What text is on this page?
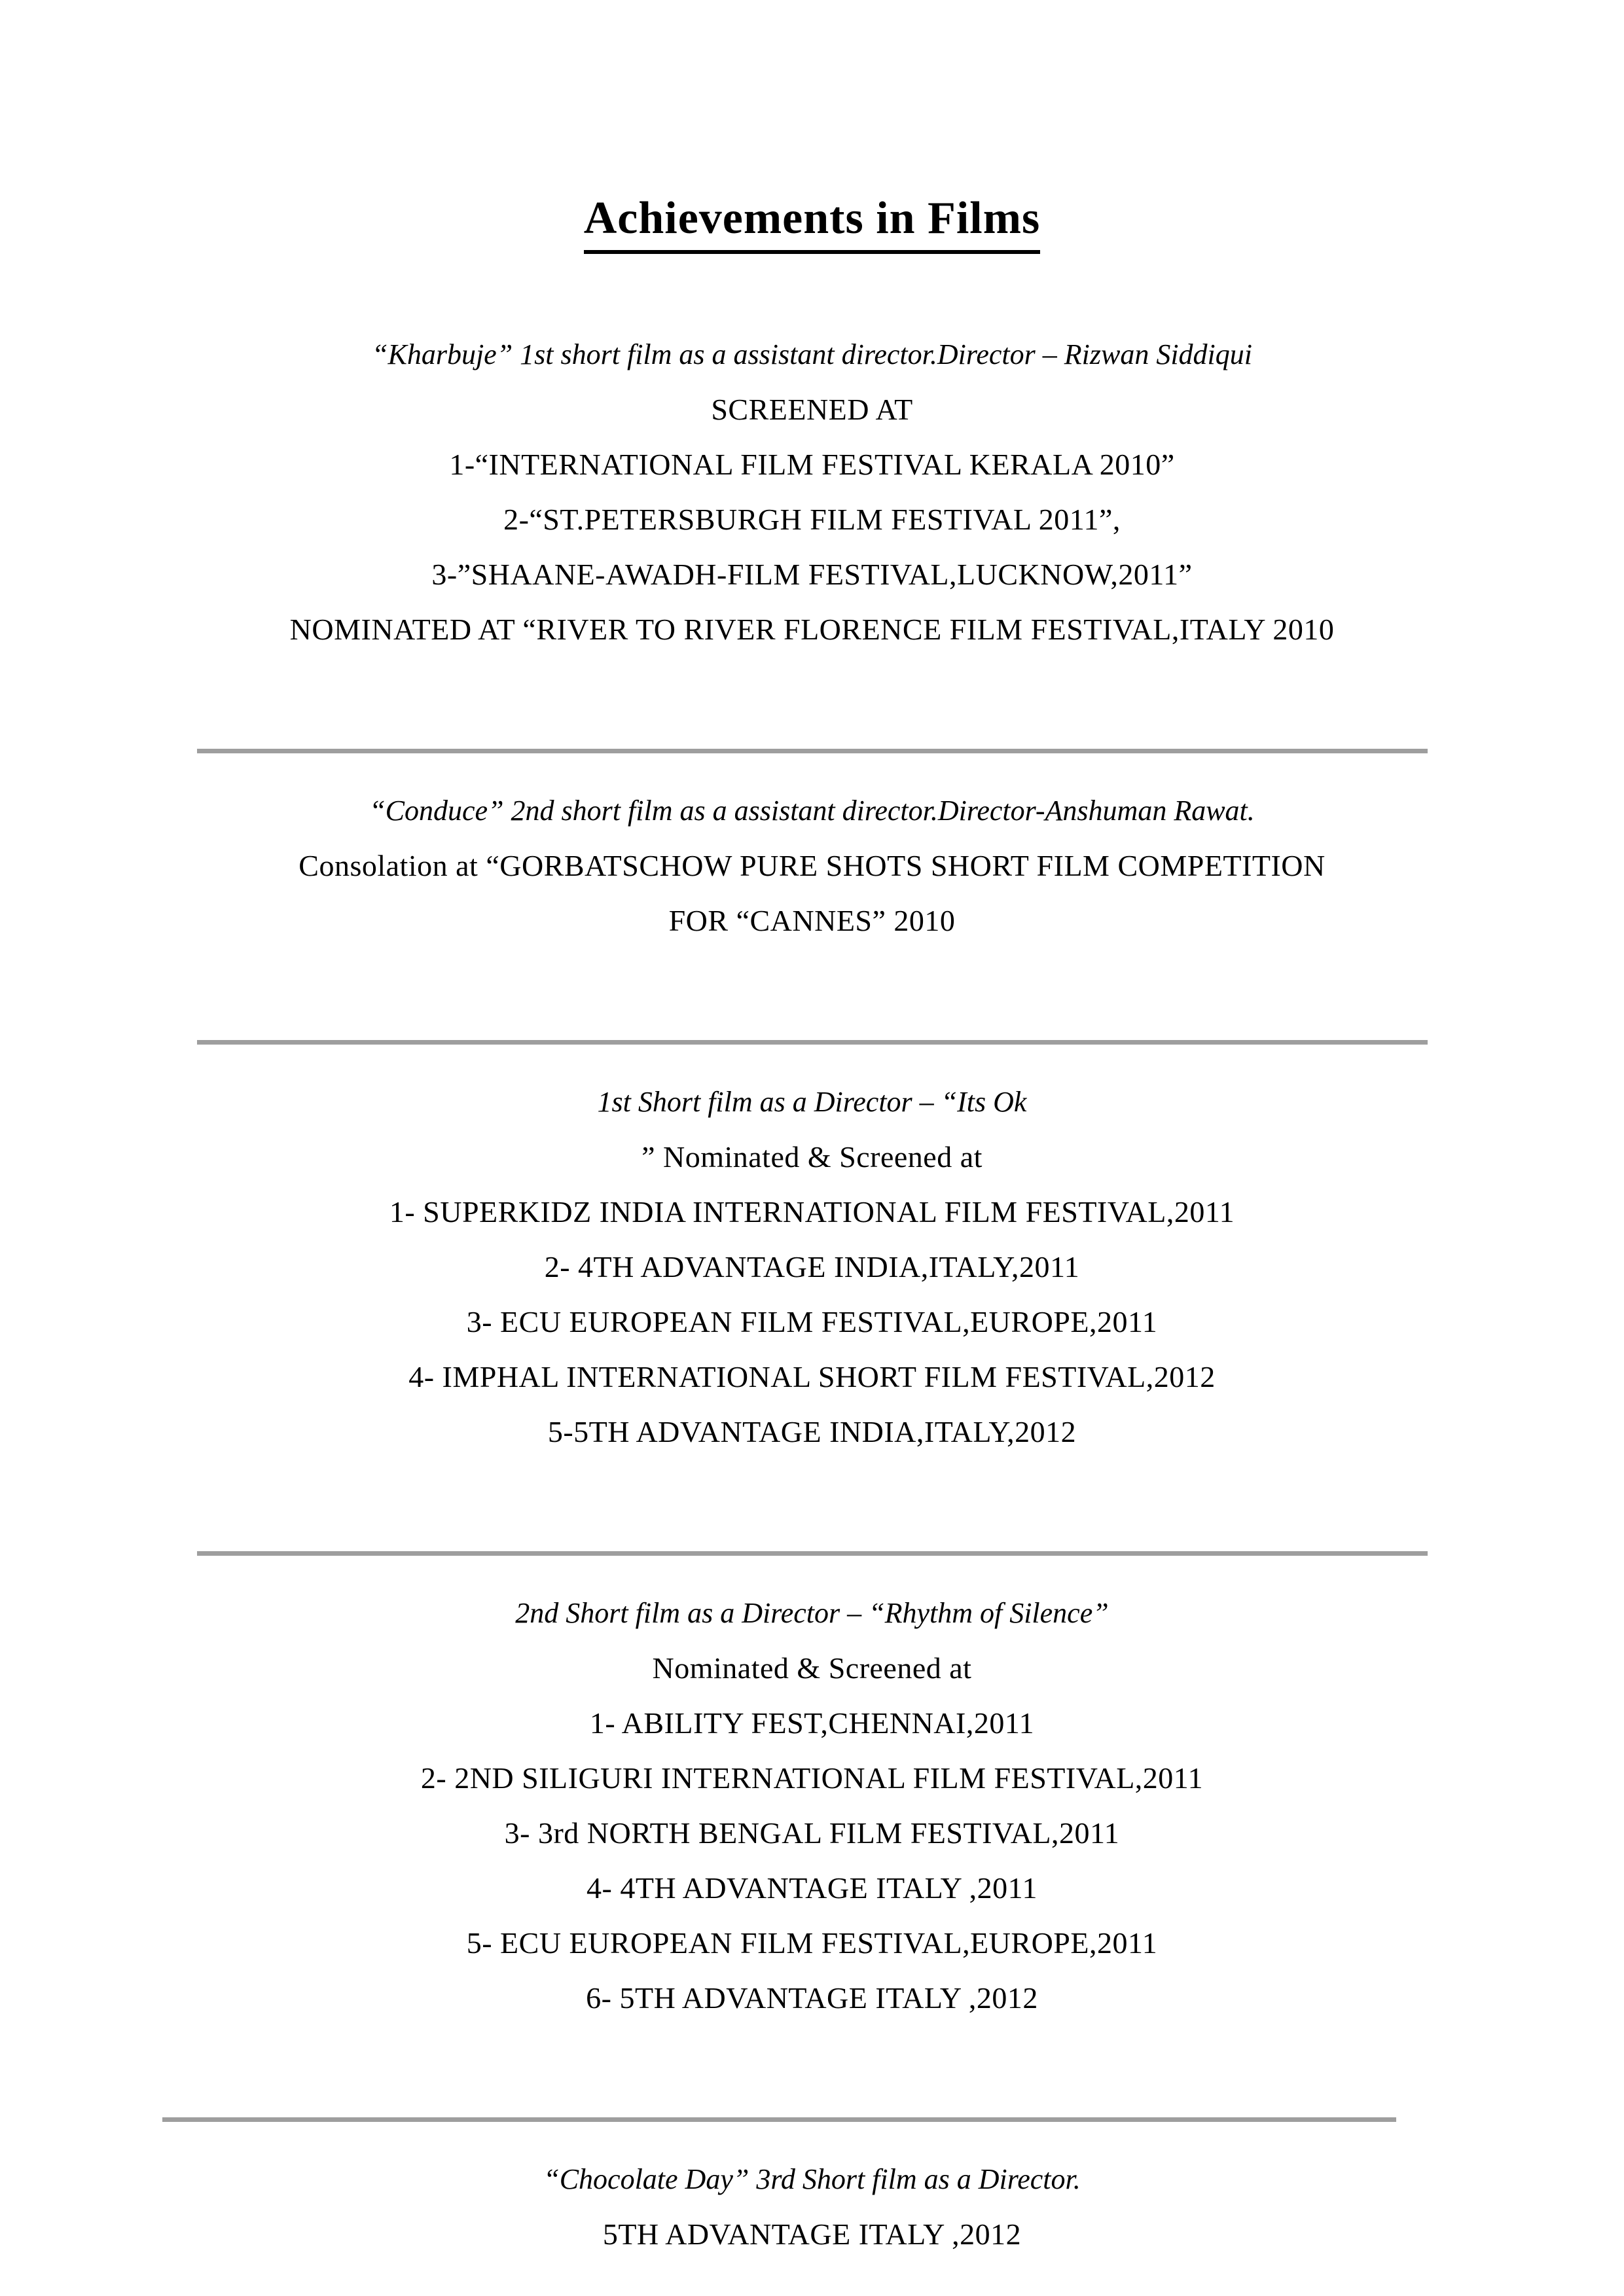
Achievements in Films

“Kharbuje” 1st short film as a assistant director.Director – Rizwan Siddiqui

SCREENED AT

1-“INTERNATIONAL FILM FESTIVAL KERALA 2010”

2-“ST.PETERSBURGH FILM FESTIVAL 2011”,

3-”SHAANE-AWADH-FILM FESTIVAL,LUCKNOW,2011”

NOMINATED AT “RIVER TO RIVER FLORENCE FILM FESTIVAL,ITALY 2010

“Conduce” 2nd short film as a assistant director.Director-Anshuman Rawat.

Consolation at “GORBATSCHOW PURE SHOTS SHORT FILM COMPETITION

FOR “CANNES” 2010

1st Short film as a Director – “Its Ok

” Nominated & Screened at

1- SUPERKIDZ INDIA INTERNATIONAL FILM FESTIVAL,2011

2- 4TH ADVANTAGE INDIA,ITALY,2011

3- ECU EUROPEAN FILM FESTIVAL,EUROPE,2011

4- IMPHAL INTERNATIONAL SHORT FILM FESTIVAL,2012

5-5TH ADVANTAGE INDIA,ITALY,2012

2nd Short film as a Director – “Rhythm of Silence”

Nominated & Screened at

1- ABILITY FEST,CHENNAI,2011

2- 2ND SILIGURI INTERNATIONAL FILM FESTIVAL,2011

3- 3rd NORTH BENGAL FILM FESTIVAL,2011

4- 4TH ADVANTAGE ITALY ,2011

5- ECU EUROPEAN FILM FESTIVAL,EUROPE,2011

6- 5TH ADVANTAGE ITALY ,2012

“Chocolate Day” 3rd Short film as a Director.

5TH ADVANTAGE ITALY ,2012
